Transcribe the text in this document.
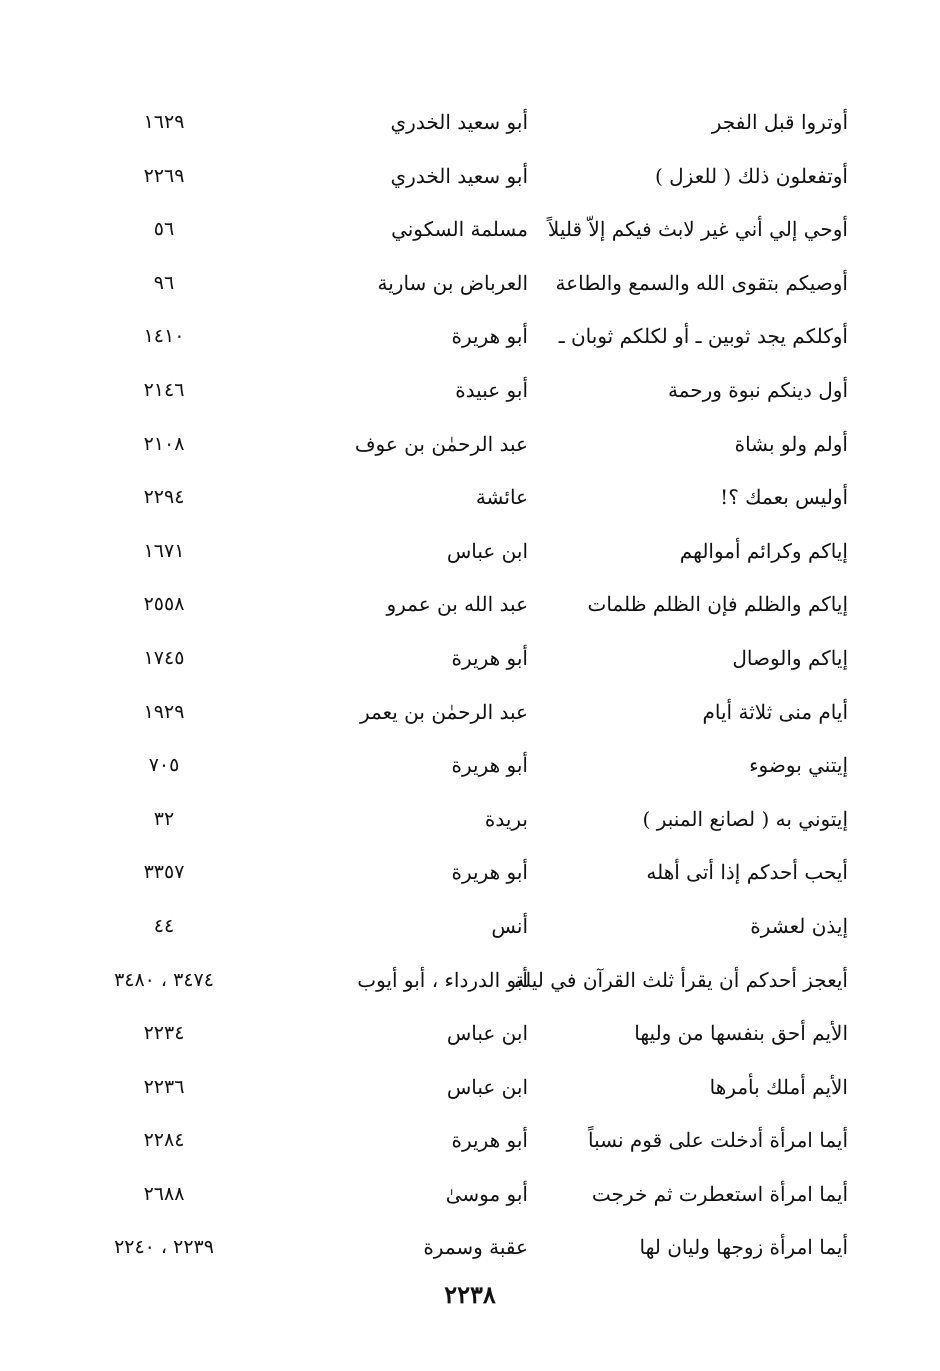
أوتروا قبل الفجر
أبو سعيد الخدري
١٦٢٩
أوتفعلون ذلك ( للعزل )
أبو سعيد الخدري
٢٢٦٩
أوحي إلي أني غير لابث فيكم إلاّ قليلاً
مسلمة السكوني
٥٦
أوصيكم بتقوى الله والسمع والطاعة
العرباض بن سارية
٩٦
أوكلكم يجد ثوبين ـ أو لكلكم ثوبان ـ
أبو هريرة
١٤١٠
أول دينكم نبوة ورحمة
أبو عبيدة
٢١٤٦
أولم ولو بشاة
عبد الرحمٰن بن عوف
٢١٠٨
أوليس بعمك ؟!
عائشة
٢٢٩٤
إياكم وكرائم أموالهم
ابن عباس
١٦٧١
إياكم والظلم فإن الظلم ظلمات
عبد الله بن عمرو
٢٥٥٨
إياكم والوصال
أبو هريرة
١٧٤٥
أيام منى ثلاثة أيام
عبد الرحمٰن بن يعمر
١٩٢٩
إيتني بوضوء
أبو هريرة
٧٠٥
إيتوني به ( لصانع المنبر )
بريدة
٣٢
أيحب أحدكم إذا أتى أهله
أبو هريرة
٣٣٥٧
إيذن لعشرة
أنس
٤٤
أيعجز أحدكم أن يقرأ ثلث القرآن في ليلة
أبو الدرداء ، أبو أيوب
٣٤٧٤ ، ٣٤٨٠
الأيم أحق بنفسها من وليها
ابن عباس
٢٢٣٤
الأيم أملك بأمرها
ابن عباس
٢٢٣٦
أيما امرأة أدخلت على قوم نسباً
أبو هريرة
٢٢٨٤
أيما امرأة استعطرت ثم خرجت
أبو موسىٰ
٢٦٨٨
أيما امرأة زوجها وليان لها
عقبة وسمرة
٢٢٣٩ ، ٢٢٤٠
٢٢٣٨
